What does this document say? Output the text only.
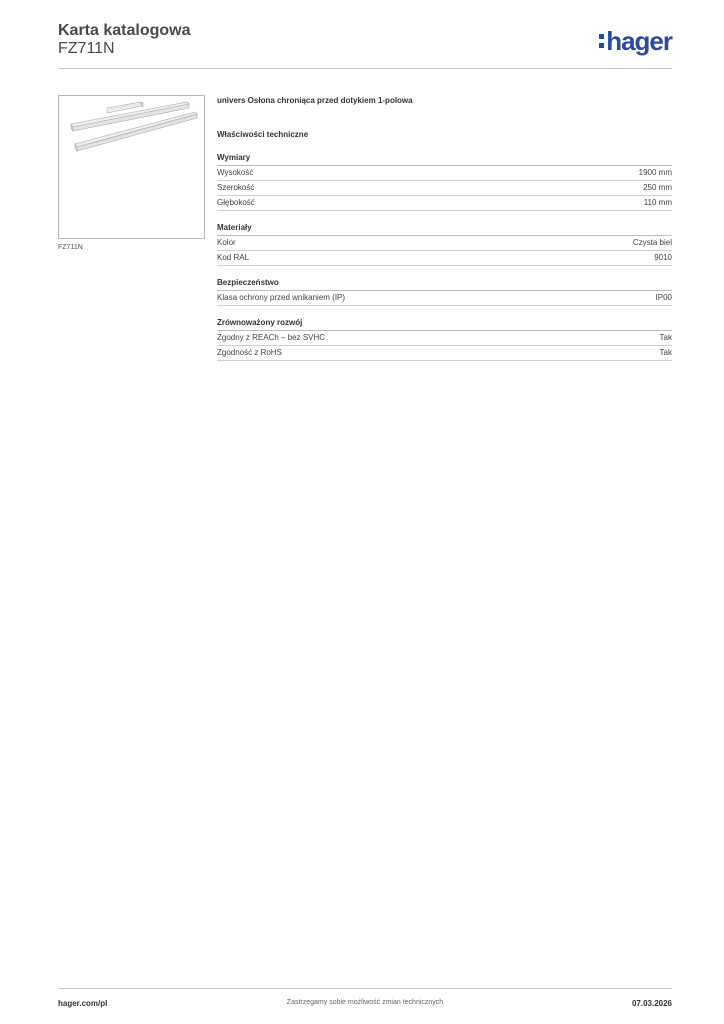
Karta katalogowa
FZ711N	hager
FZ711N
univers Osłona chroniąca przed dotykiem 1-polowa
Właściwości techniczne
Wymiary
Wysokość	1900 mm
Szerokość	250 mm
Głębokość	110 mm
Materiały
Kolor	Czysta biel
Kod RAL	9010
Bezpieczeństwo
Klasa ochrony przed wnikaniem (IP)	IP00
Zrównoważony rozwój
Zgodny z REACh – bez SVHC	Tak
Zgodność z RoHS	Tak
hager.com/pl	Zastrzegamy sobie możliwość zmian technicznych	07.03.2026
